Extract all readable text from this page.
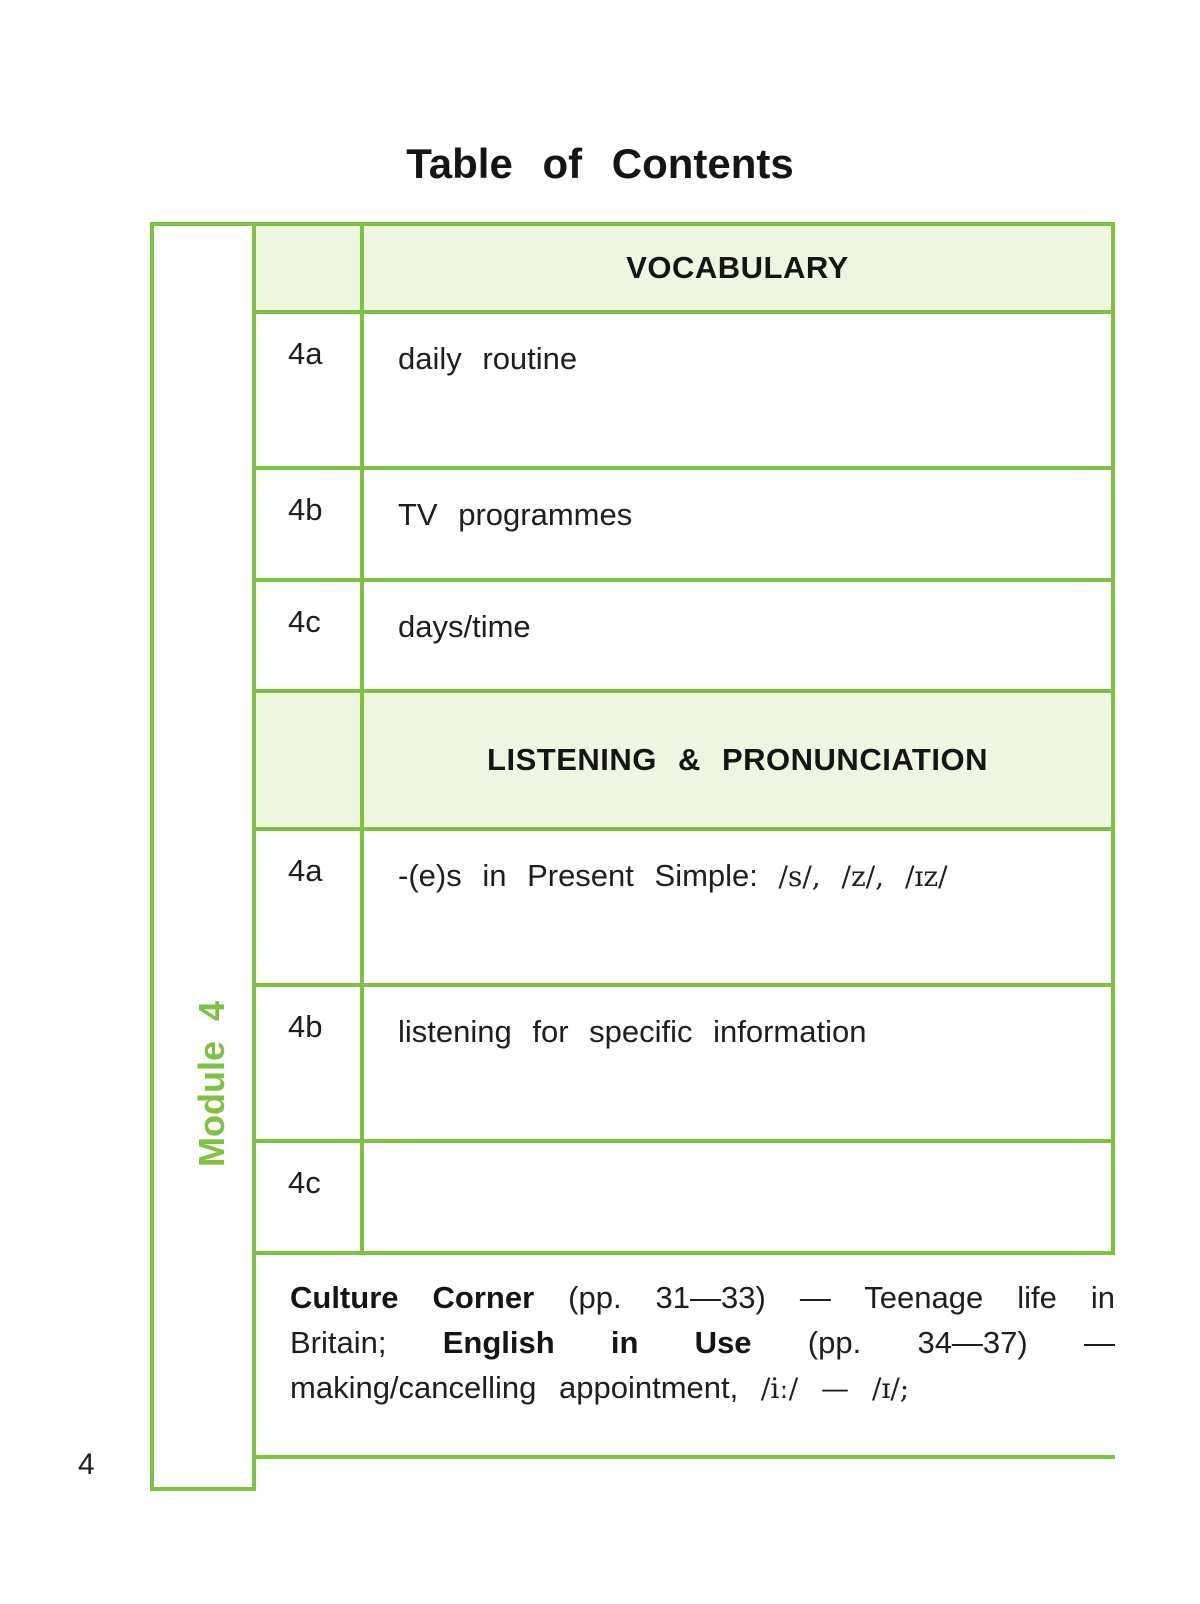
Table of Contents
Module 4
VOCABULARY
4a	daily routine
4b	TV programmes
4c	days/time
LISTENING & PRONUNCIATION
4a	-(e)s in Present Simple: /s/, /z/, /ɪz/
4b	listening for specific information
4c
Culture Corner (pp. 31—33) — Teenage life in Britain; English in Use (pp. 34—37) — making/cancelling appointment, /iː/ — /ɪ/;
4
